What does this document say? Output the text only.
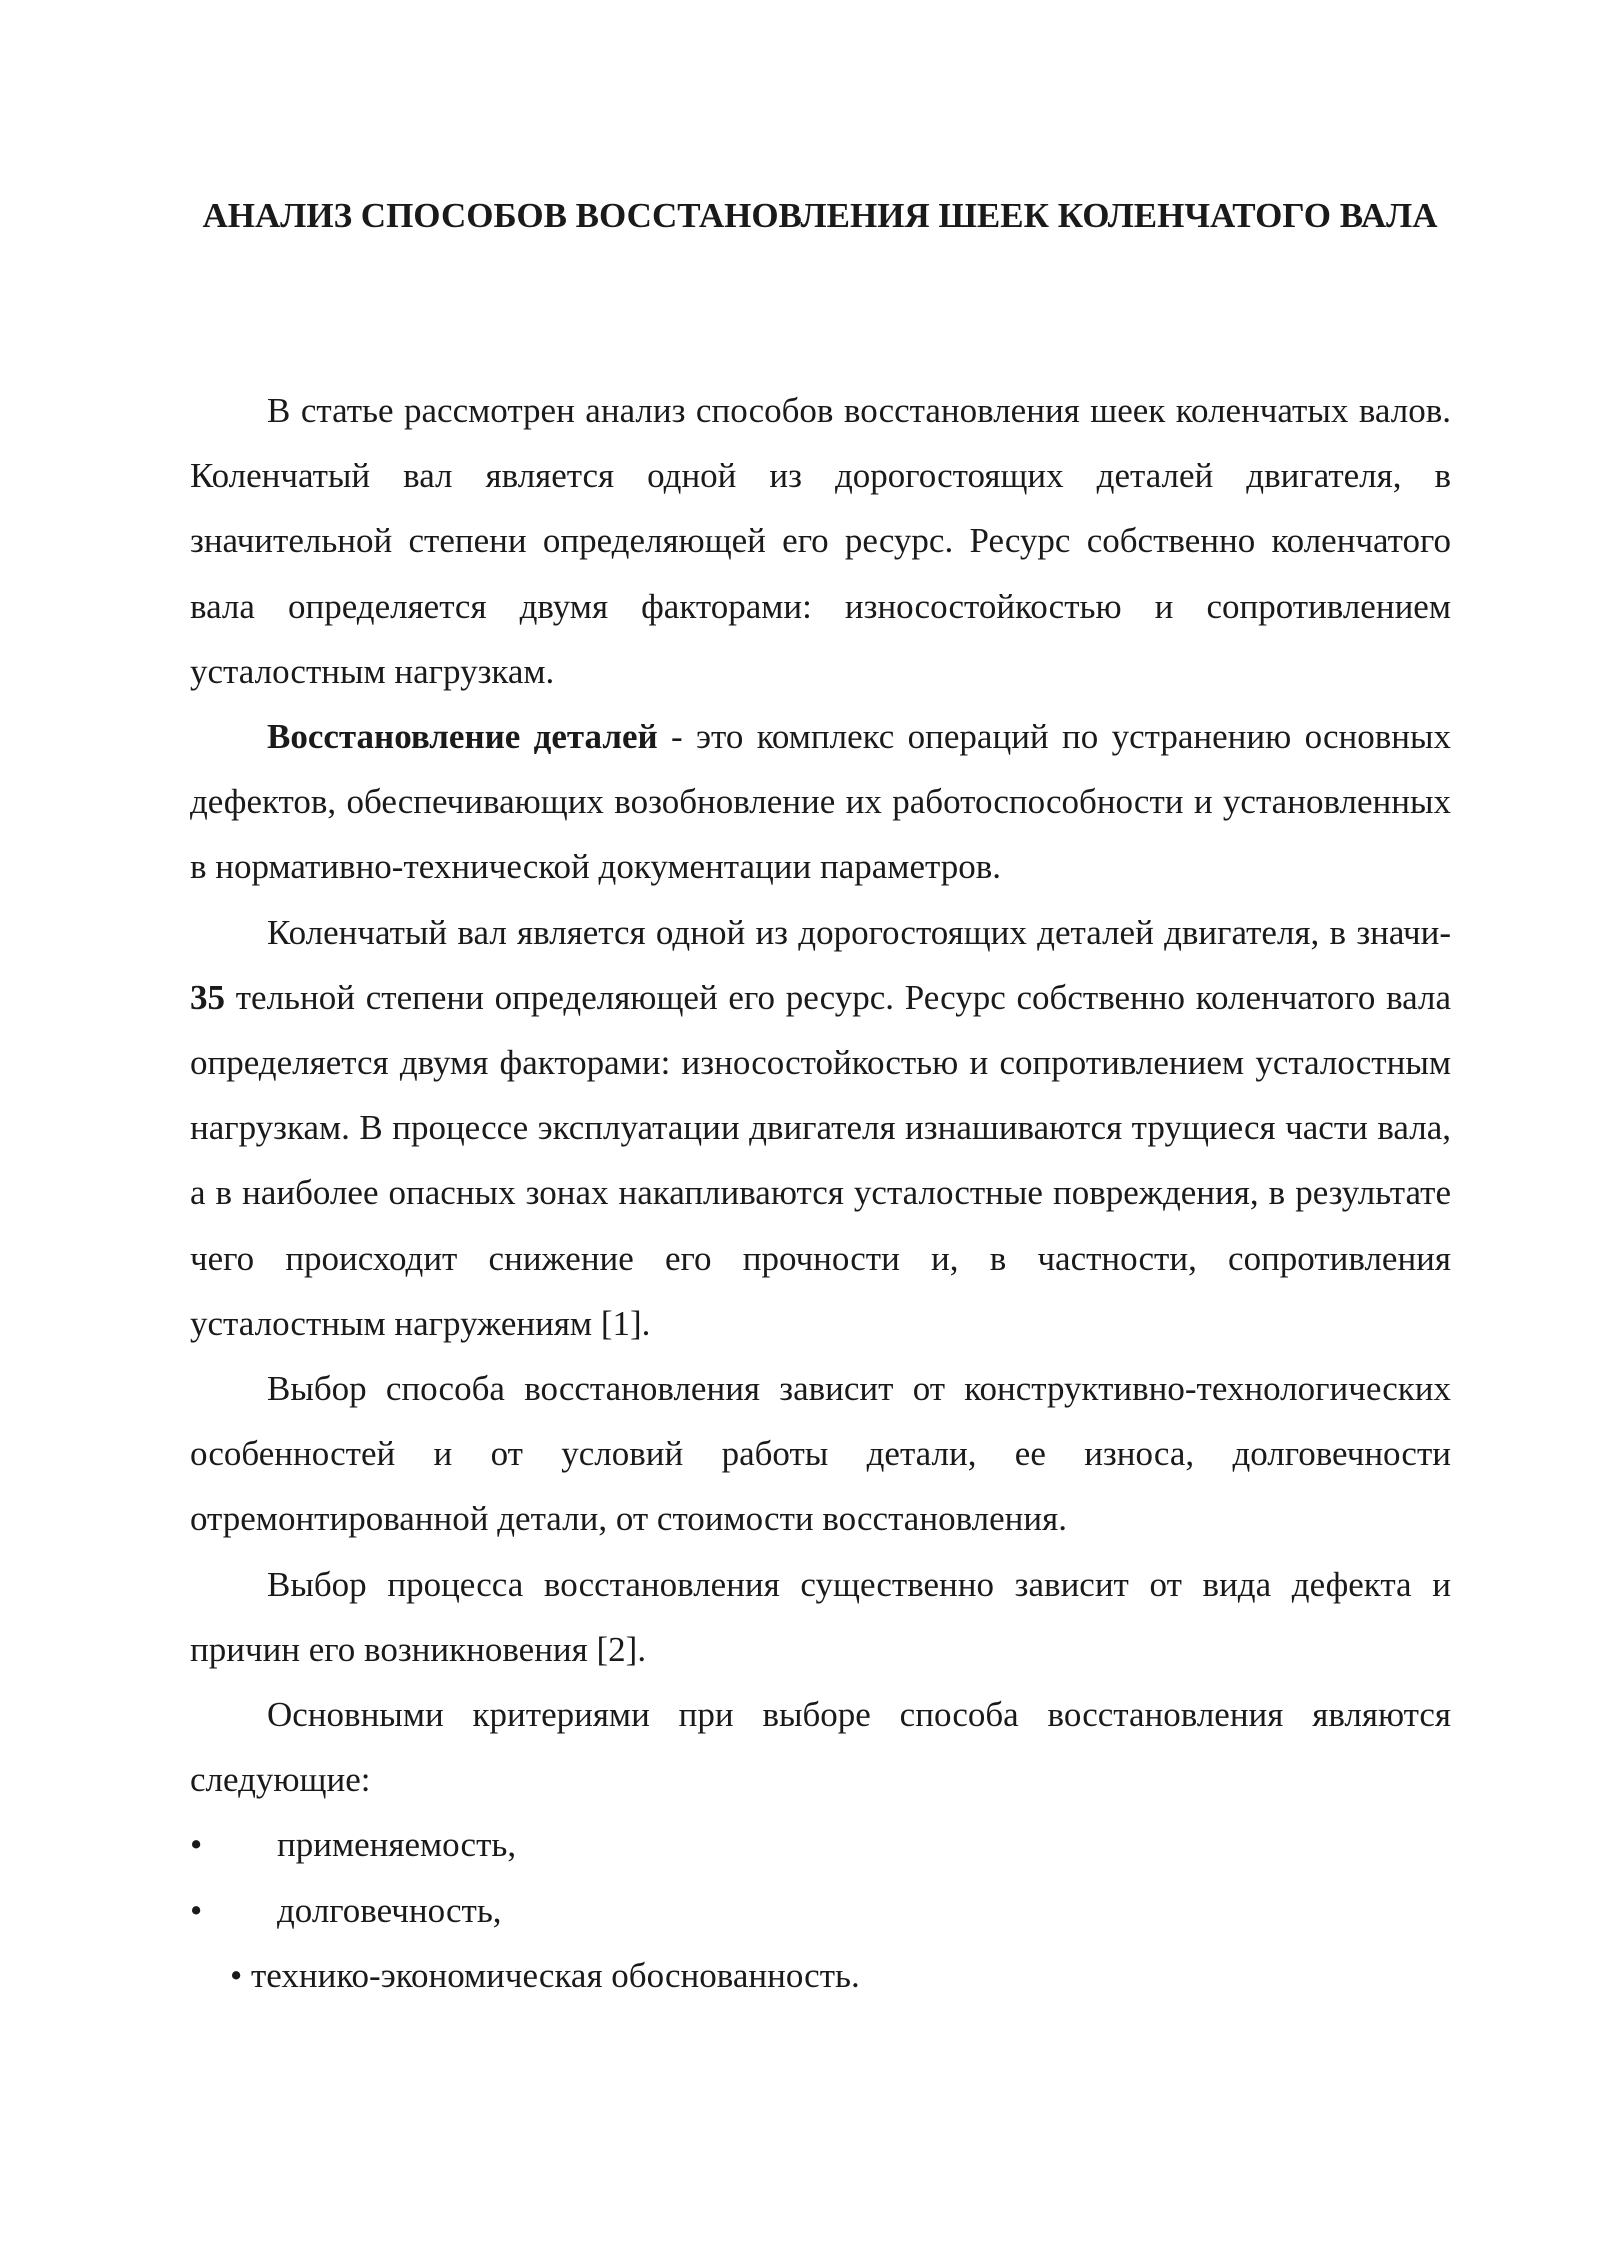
АНАЛИЗ СПОСОБОВ ВОССТАНОВЛЕНИЯ ШЕЕК КОЛЕНЧАТОГО ВАЛА

В статье рассмотрен анализ способов восстановления шеек коленчатых валов. Коленчатый вал является одной из дорогостоящих деталей двигателя, в значительной степени определяющей его ресурс. Ресурс собственно коленчатого вала определяется двумя факторами: износостойкостью и сопротивлением усталостным нагрузкам.

Восстановление деталей - это комплекс операций по устранению основных дефектов, обеспечивающих возобновление их работоспособности и установленных в нормативно-технической документации параметров.

Коленчатый вал является одной из дорогостоящих деталей двигателя, в значи- 35 тельной степени определяющей его ресурс. Ресурс собственно коленчатого вала определяется двумя факторами: износостойкостью и сопротивлением усталостным нагрузкам. В процессе эксплуатации двигателя изнашиваются трущиеся части вала, а в наиболее опасных зонах накапливаются усталостные повреждения, в результате чего происходит снижение его прочности и, в частности, сопротивления усталостным нагружениям [1].

Выбор способа восстановления зависит от конструктивно-технологических особенностей и от условий работы детали, ее износа, долговечности отремонтированной детали, от стоимости восстановления.

Выбор процесса восстановления существенно зависит от вида дефекта и причин его возникновения [2].

Основными критериями при выборе способа восстановления являются следующие:

•	применяемость,

•	долговечность,

• технико-экономическая обоснованность.
